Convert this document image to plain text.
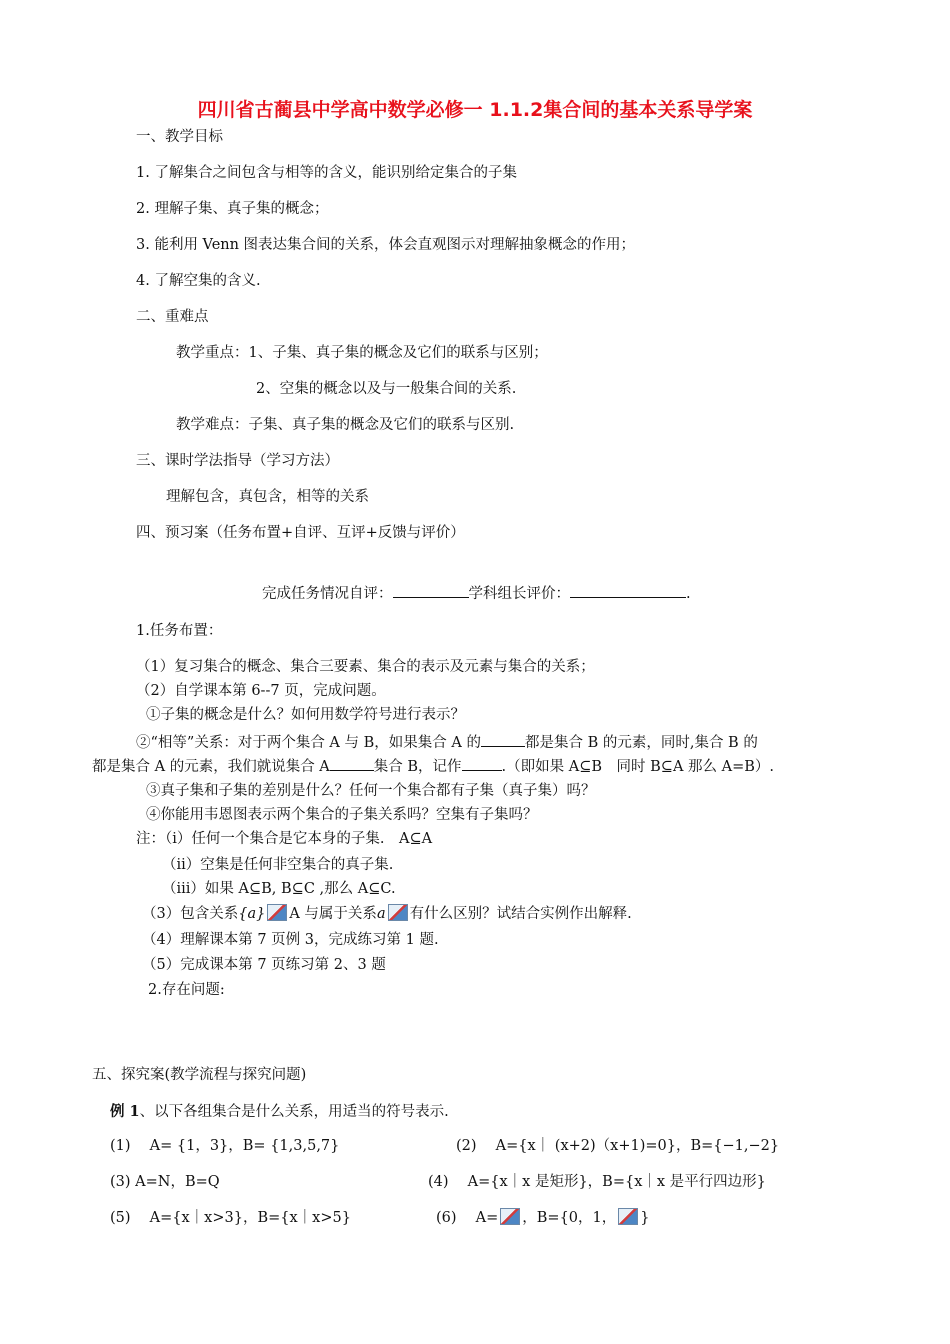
四川省古蔺县中学高中数学必修一 1.1.2集合间的基本关系导学案
一、教学目标
1. 了解集合之间包含与相等的含义，能识别给定集合的子集
2. 理解子集、真子集的概念；
3. 能利用 Venn 图表达集合间的关系，体会直观图示对理解抽象概念的作用；
4. 了解空集的含义.
二、重难点
教学重点：1、子集、真子集的概念及它们的联系与区别；
2、空集的概念以及与一般集合间的关系.
教学难点：子集、真子集的概念及它们的联系与区别.
三、课时学法指导（学习方法）
理解包含，真包含，相等的关系
四、预习案（任务布置+自评、互评+反馈与评价）
完成任务情况自评：	学科组长评价：	.
1.任务布置：
（1）复习集合的概念、集合三要素、集合的表示及元素与集合的关系；
（2）自学课本第 6--7 页，完成问题。
①子集的概念是什么？如何用数学符号进行表示？
②“相等”关系：对于两个集合 A 与 B，如果集合 A 的	都是集合 B 的元素，同时,集合 B 的
都是集合 A 的元素，我们就说集合 A	集合 B，记作	.（即如果 A⊆B　同时 B⊆A 那么 A=B）.
③真子集和子集的差别是什么？任何一个集合都有子集（真子集）吗？
④你能用韦恩图表示两个集合的子集关系吗？空集有子集吗？
注：（ⅰ）任何一个集合是它本身的子集.　A⊆A
（ⅱ）空集是任何非空集合的真子集.
（ⅲ）如果 A⊆B, B⊆C ,那么 A⊆C.
（3）包含关系{a} A 与属于关系a 有什么区别？试结合实例作出解释.
（4）理解课本第 7 页例 3，完成练习第 1 题.
（5）完成课本第 7 页练习第 2、3 题
2.存在问题:
五、探究案(教学流程与探究问题)
例 1、以下各组集合是什么关系，用适当的符号表示.
(1)　 A= {1，3}，B= {1,3,5,7}	(2)　 A={x｜ (x+2)（x+1)=0}，B={−1,−2}
(3) A=N，B=Q	(4)　 A={x｜x 是矩形}，B={x｜x 是平行四边形}
(5)　 A={x｜x>3}，B={x｜x>5}	(6)　 A= ，B={0，1， }
